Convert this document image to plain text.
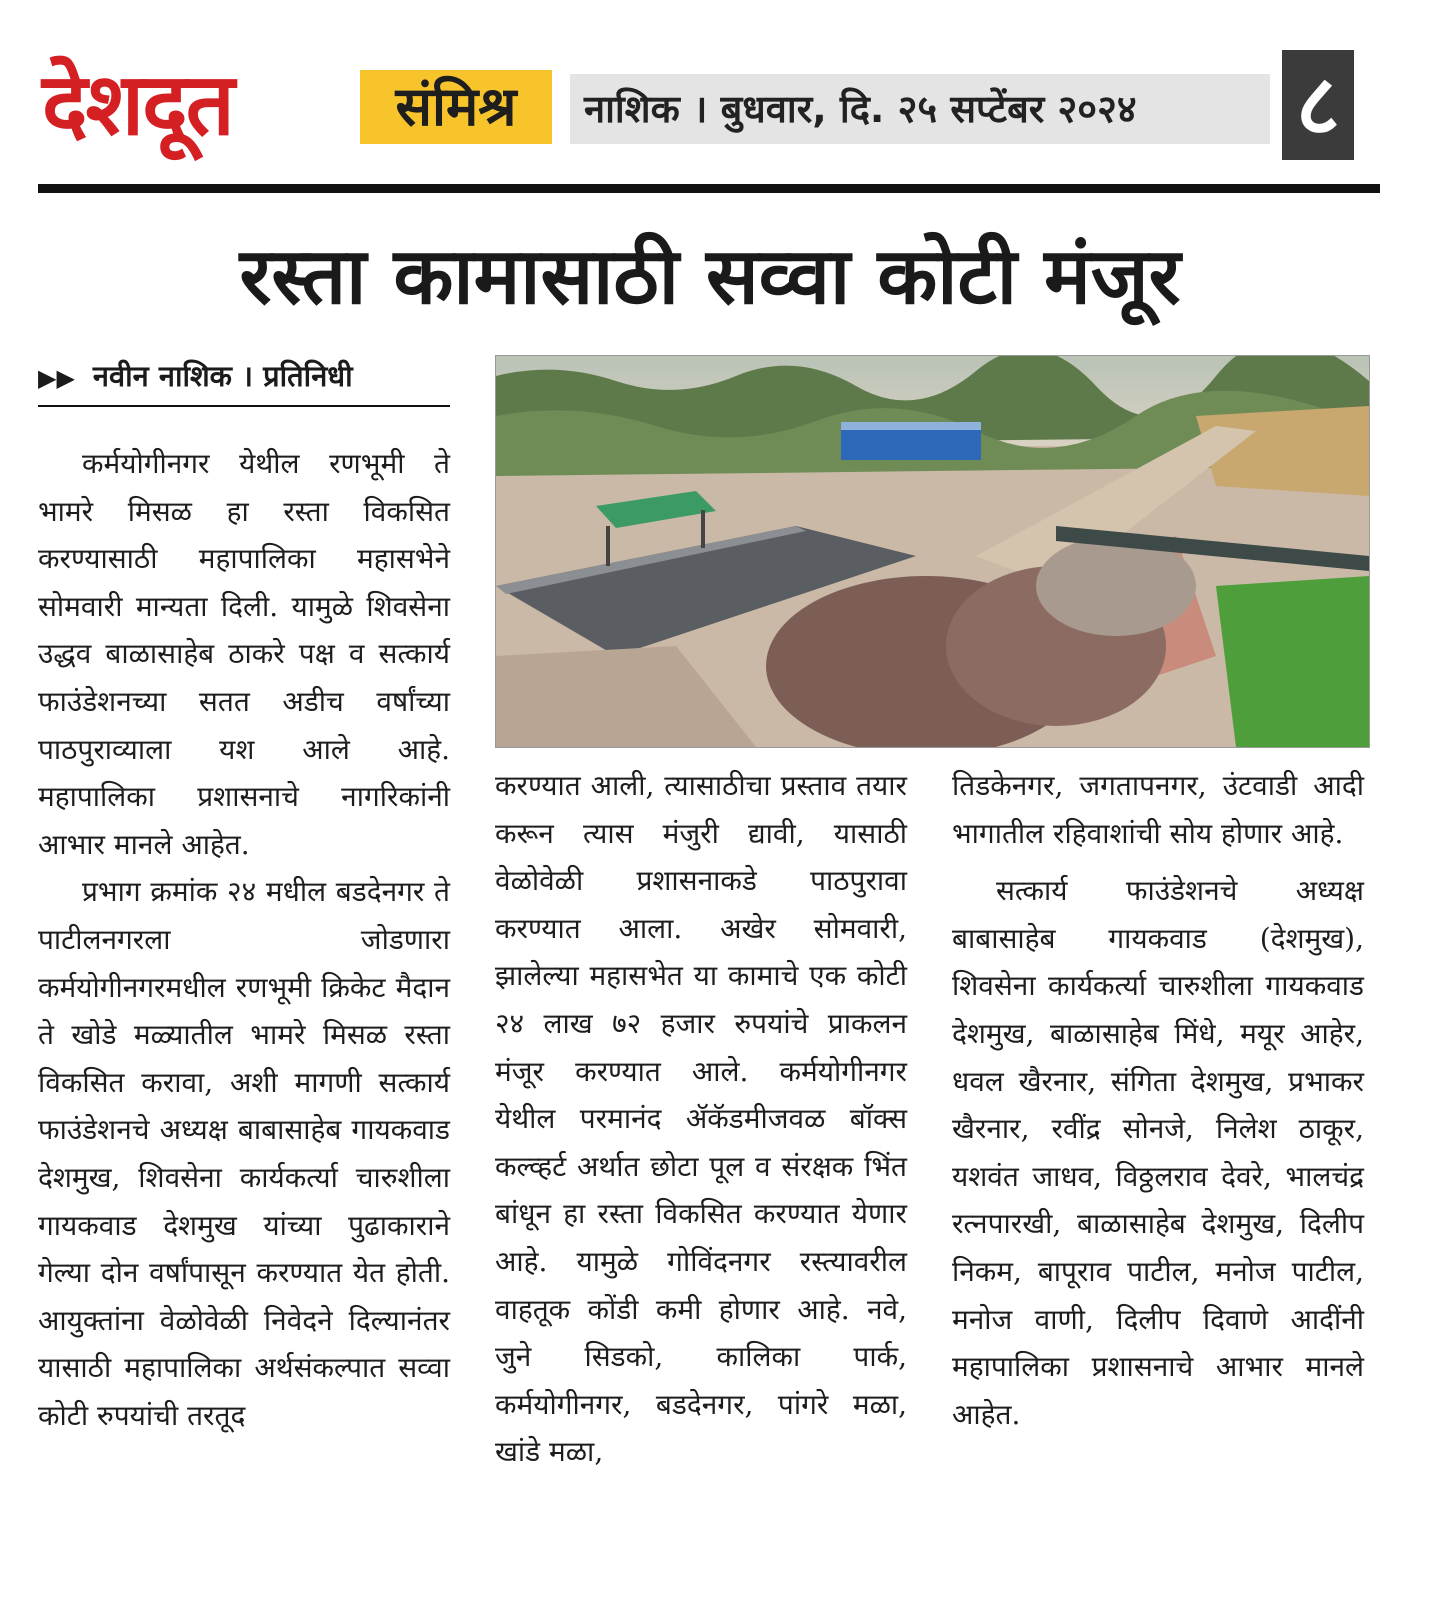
देशदूत	संमिश्र	नाशिक । बुधवार, दि. २५ सप्टेंबर २०२४	८
रस्ता कामासाठी सव्वा कोटी मंजूर
▶▶ नवीन नाशिक । प्रतिनिधी

कर्मयोगीनगर येथील रणभूमी ते भामरे मिसळ हा रस्ता विकसित करण्यासाठी महापालिका महासभेने सोमवारी मान्यता दिली. यामुळे शिवसेना उद्धव बाळासाहेब ठाकरे पक्ष व सत्कार्य फाउंडेशनच्या सतत अडीच वर्षांच्या पाठपुराव्याला यश आले आहे. महापालिका प्रशासनाचे नागरिकांनी आभार मानले आहेत.

प्रभाग क्रमांक २४ मधील बडदेनगर ते पाटीलनगरला जोडणारा कर्मयोगीनगरमधील रणभूमी क्रिकेट मैदान ते खोडे मळ्यातील भामरे मिसळ रस्ता विकसित करावा, अशी मागणी सत्कार्य फाउंडेशनचे अध्यक्ष बाबासाहेब गायकवाड देशमुख, शिवसेना कार्यकर्त्या चारुशीला गायकवाड देशमुख यांच्या पुढाकाराने गेल्या दोन वर्षांपासून करण्यात येत होती. आयुक्तांना वेळोवेळी निवेदने दिल्यानंतर यासाठी महापालिका अर्थसंकल्पात सव्वा कोटी रुपयांची तरतूद

करण्यात आली, त्यासाठीचा प्रस्ताव तयार करून त्यास मंजुरी द्यावी, यासाठी वेळोवेळी प्रशासनाकडे पाठपुरावा करण्यात आला. अखेर सोमवारी, झालेल्या महासभेत या कामाचे एक कोटी २४ लाख ७२ हजार रुपयांचे प्राकलन मंजूर करण्यात आले. कर्मयोगीनगर येथील परमानंद ॲकॅडमीजवळ बॉक्स कल्व्हर्ट अर्थात छोटा पूल व संरक्षक भिंत बांधून हा रस्ता विकसित करण्यात येणार आहे. यामुळे गोविंदनगर रस्त्यावरील वाहतूक कोंडी कमी होणार आहे. नवे, जुने सिडको, कालिका पार्क, कर्मयोगीनगर, बडदेनगर, पांगरे मळा, खांडे मळा,

तिडकेनगर, जगतापनगर, उंटवाडी आदी भागातील रहिवाशांची सोय होणार आहे.

सत्कार्य फाउंडेशनचे अध्यक्ष बाबासाहेब गायकवाड (देशमुख), शिवसेना कार्यकर्त्या चारुशीला गायकवाड देशमुख, बाळासाहेब मिंधे, मयूर आहेर, धवल खैरनार, संगिता देशमुख, प्रभाकर खैरनार, रवींद्र सोनजे, निलेश ठाकूर, यशवंत जाधव, विठ्ठलराव देवरे, भालचंद्र रत्नपारखी, बाळासाहेब देशमुख, दिलीप निकम, बापूराव पाटील, मनोज पाटील, मनोज वाणी, दिलीप दिवाणे आदींनी महापालिका प्रशासनाचे आभार मानले आहेत.
